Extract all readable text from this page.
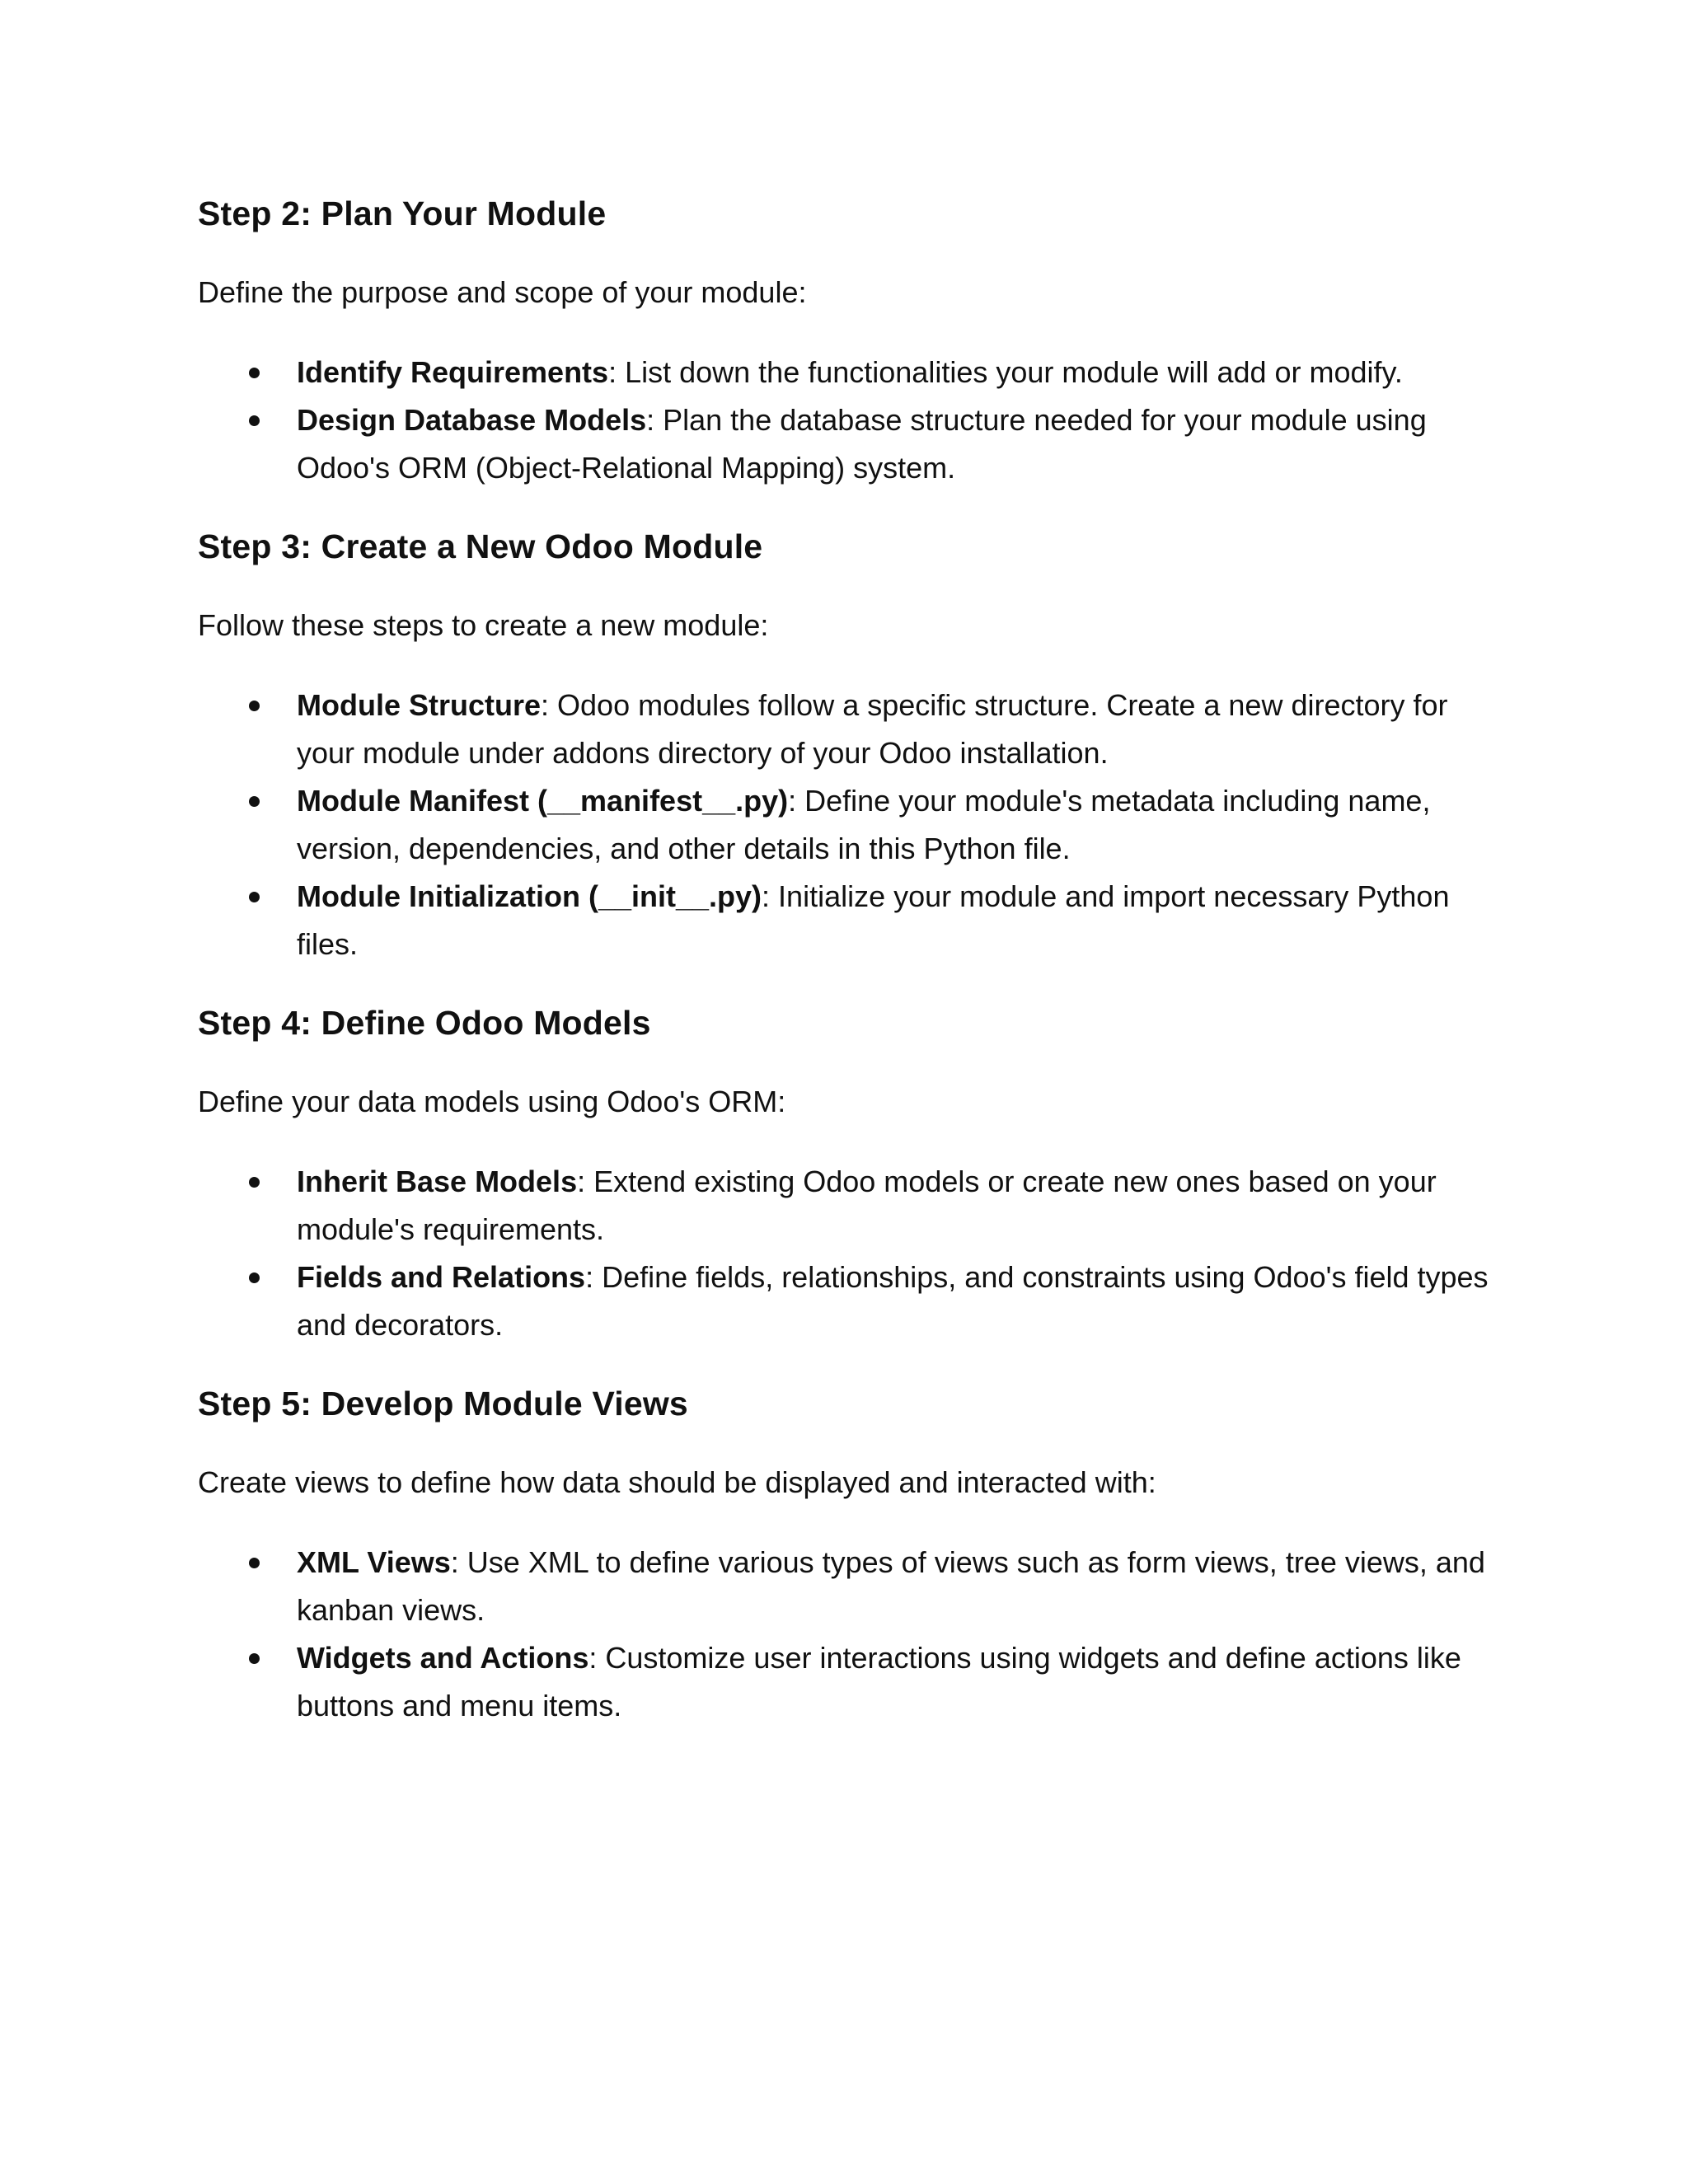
Step 2: Plan Your Module

Define the purpose and scope of your module:

Identify Requirements: List down the functionalities your module will add or modify.
Design Database Models: Plan the database structure needed for your module using Odoo's ORM (Object-Relational Mapping) system.
Step 3: Create a New Odoo Module

Follow these steps to create a new module:

Module Structure: Odoo modules follow a specific structure. Create a new directory for your module under addons directory of your Odoo installation.
Module Manifest (__manifest__.py): Define your module's metadata including name, version, dependencies, and other details in this Python file.
Module Initialization (__init__.py): Initialize your module and import necessary Python files.
Step 4: Define Odoo Models

Define your data models using Odoo's ORM:

Inherit Base Models: Extend existing Odoo models or create new ones based on your module's requirements.
Fields and Relations: Define fields, relationships, and constraints using Odoo's field types and decorators.
Step 5: Develop Module Views

Create views to define how data should be displayed and interacted with:

XML Views: Use XML to define various types of views such as form views, tree views, and kanban views.
Widgets and Actions: Customize user interactions using widgets and define actions like buttons and menu items.
